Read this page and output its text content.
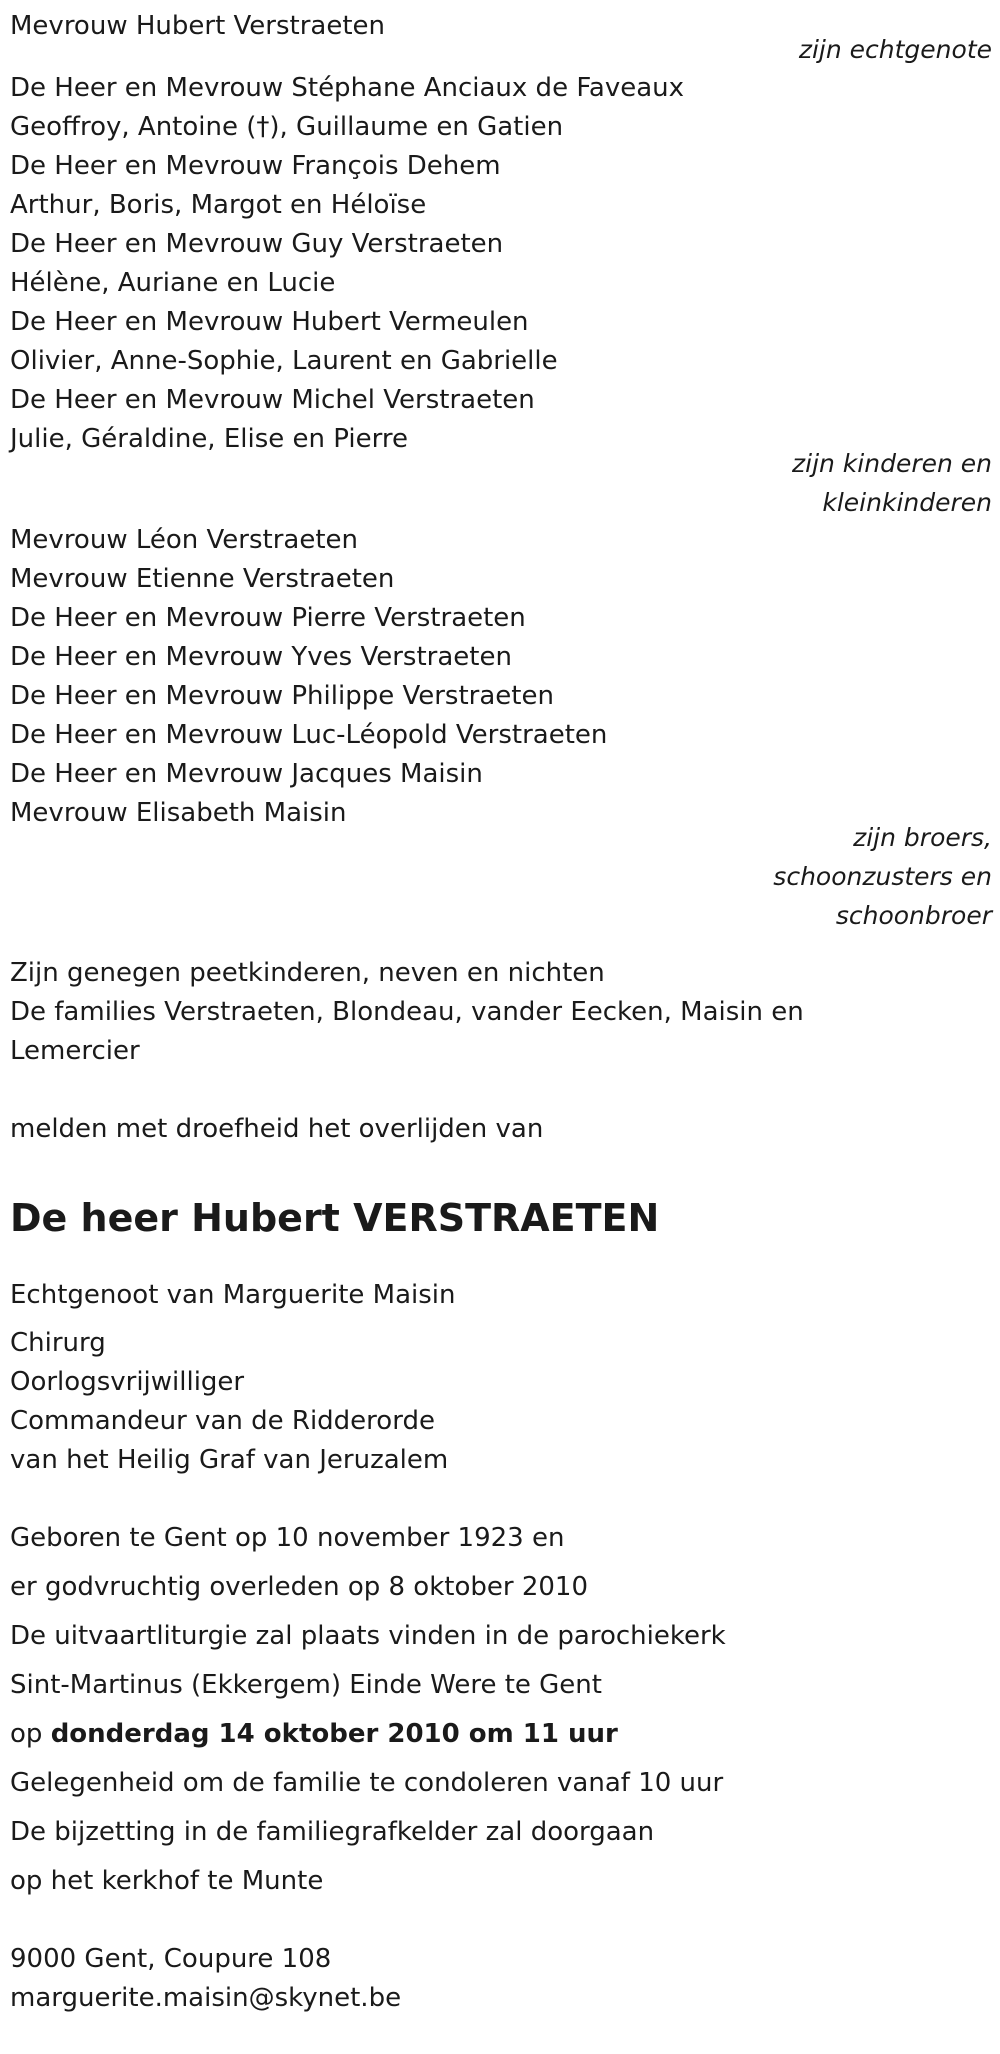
Mevrouw Hubert Verstraeten

zijn echtgenote

De Heer en Mevrouw Stéphane Anciaux de Faveaux

Geoffroy, Antoine (†), Guillaume en Gatien

De Heer en Mevrouw François Dehem

Arthur, Boris, Margot en Héloïse

De Heer en Mevrouw Guy Verstraeten

Hélène, Auriane en Lucie

De Heer en Mevrouw Hubert Vermeulen

Olivier, Anne-Sophie, Laurent en Gabrielle

De Heer en Mevrouw Michel Verstraeten

Julie, Géraldine, Elise en Pierre

zijn kinderen en
kleinkinderen

Mevrouw Léon Verstraeten

Mevrouw Etienne Verstraeten

De Heer en Mevrouw Pierre Verstraeten

De Heer en Mevrouw Yves Verstraeten

De Heer en Mevrouw Philippe Verstraeten

De Heer en Mevrouw Luc-Léopold Verstraeten

De Heer en Mevrouw Jacques Maisin

Mevrouw Elisabeth Maisin

zijn broers,
schoonzusters en
schoonbroer

Zijn genegen peetkinderen, neven en nichten

De families Verstraeten, Blondeau, vander Eecken, Maisin en

Lemercier

melden met droefheid het overlijden van

De heer Hubert VERSTRAETEN

Echtgenoot van Marguerite Maisin

Chirurg

Oorlogsvrijwilliger

Commandeur van de Ridderorde

van het Heilig Graf van Jeruzalem

Geboren te Gent op 10 november 1923 en

er godvruchtig overleden op 8 oktober 2010

De uitvaartliturgie zal plaats vinden in de parochiekerk

Sint-Martinus (Ekkergem) Einde Were te Gent

op donderdag 14 oktober 2010 om 11 uur

Gelegenheid om de familie te condoleren vanaf 10 uur

De bijzetting in de familiegrafkelder zal doorgaan

op het kerkhof te Munte

9000 Gent, Coupure 108

marguerite.maisin@skynet.be
